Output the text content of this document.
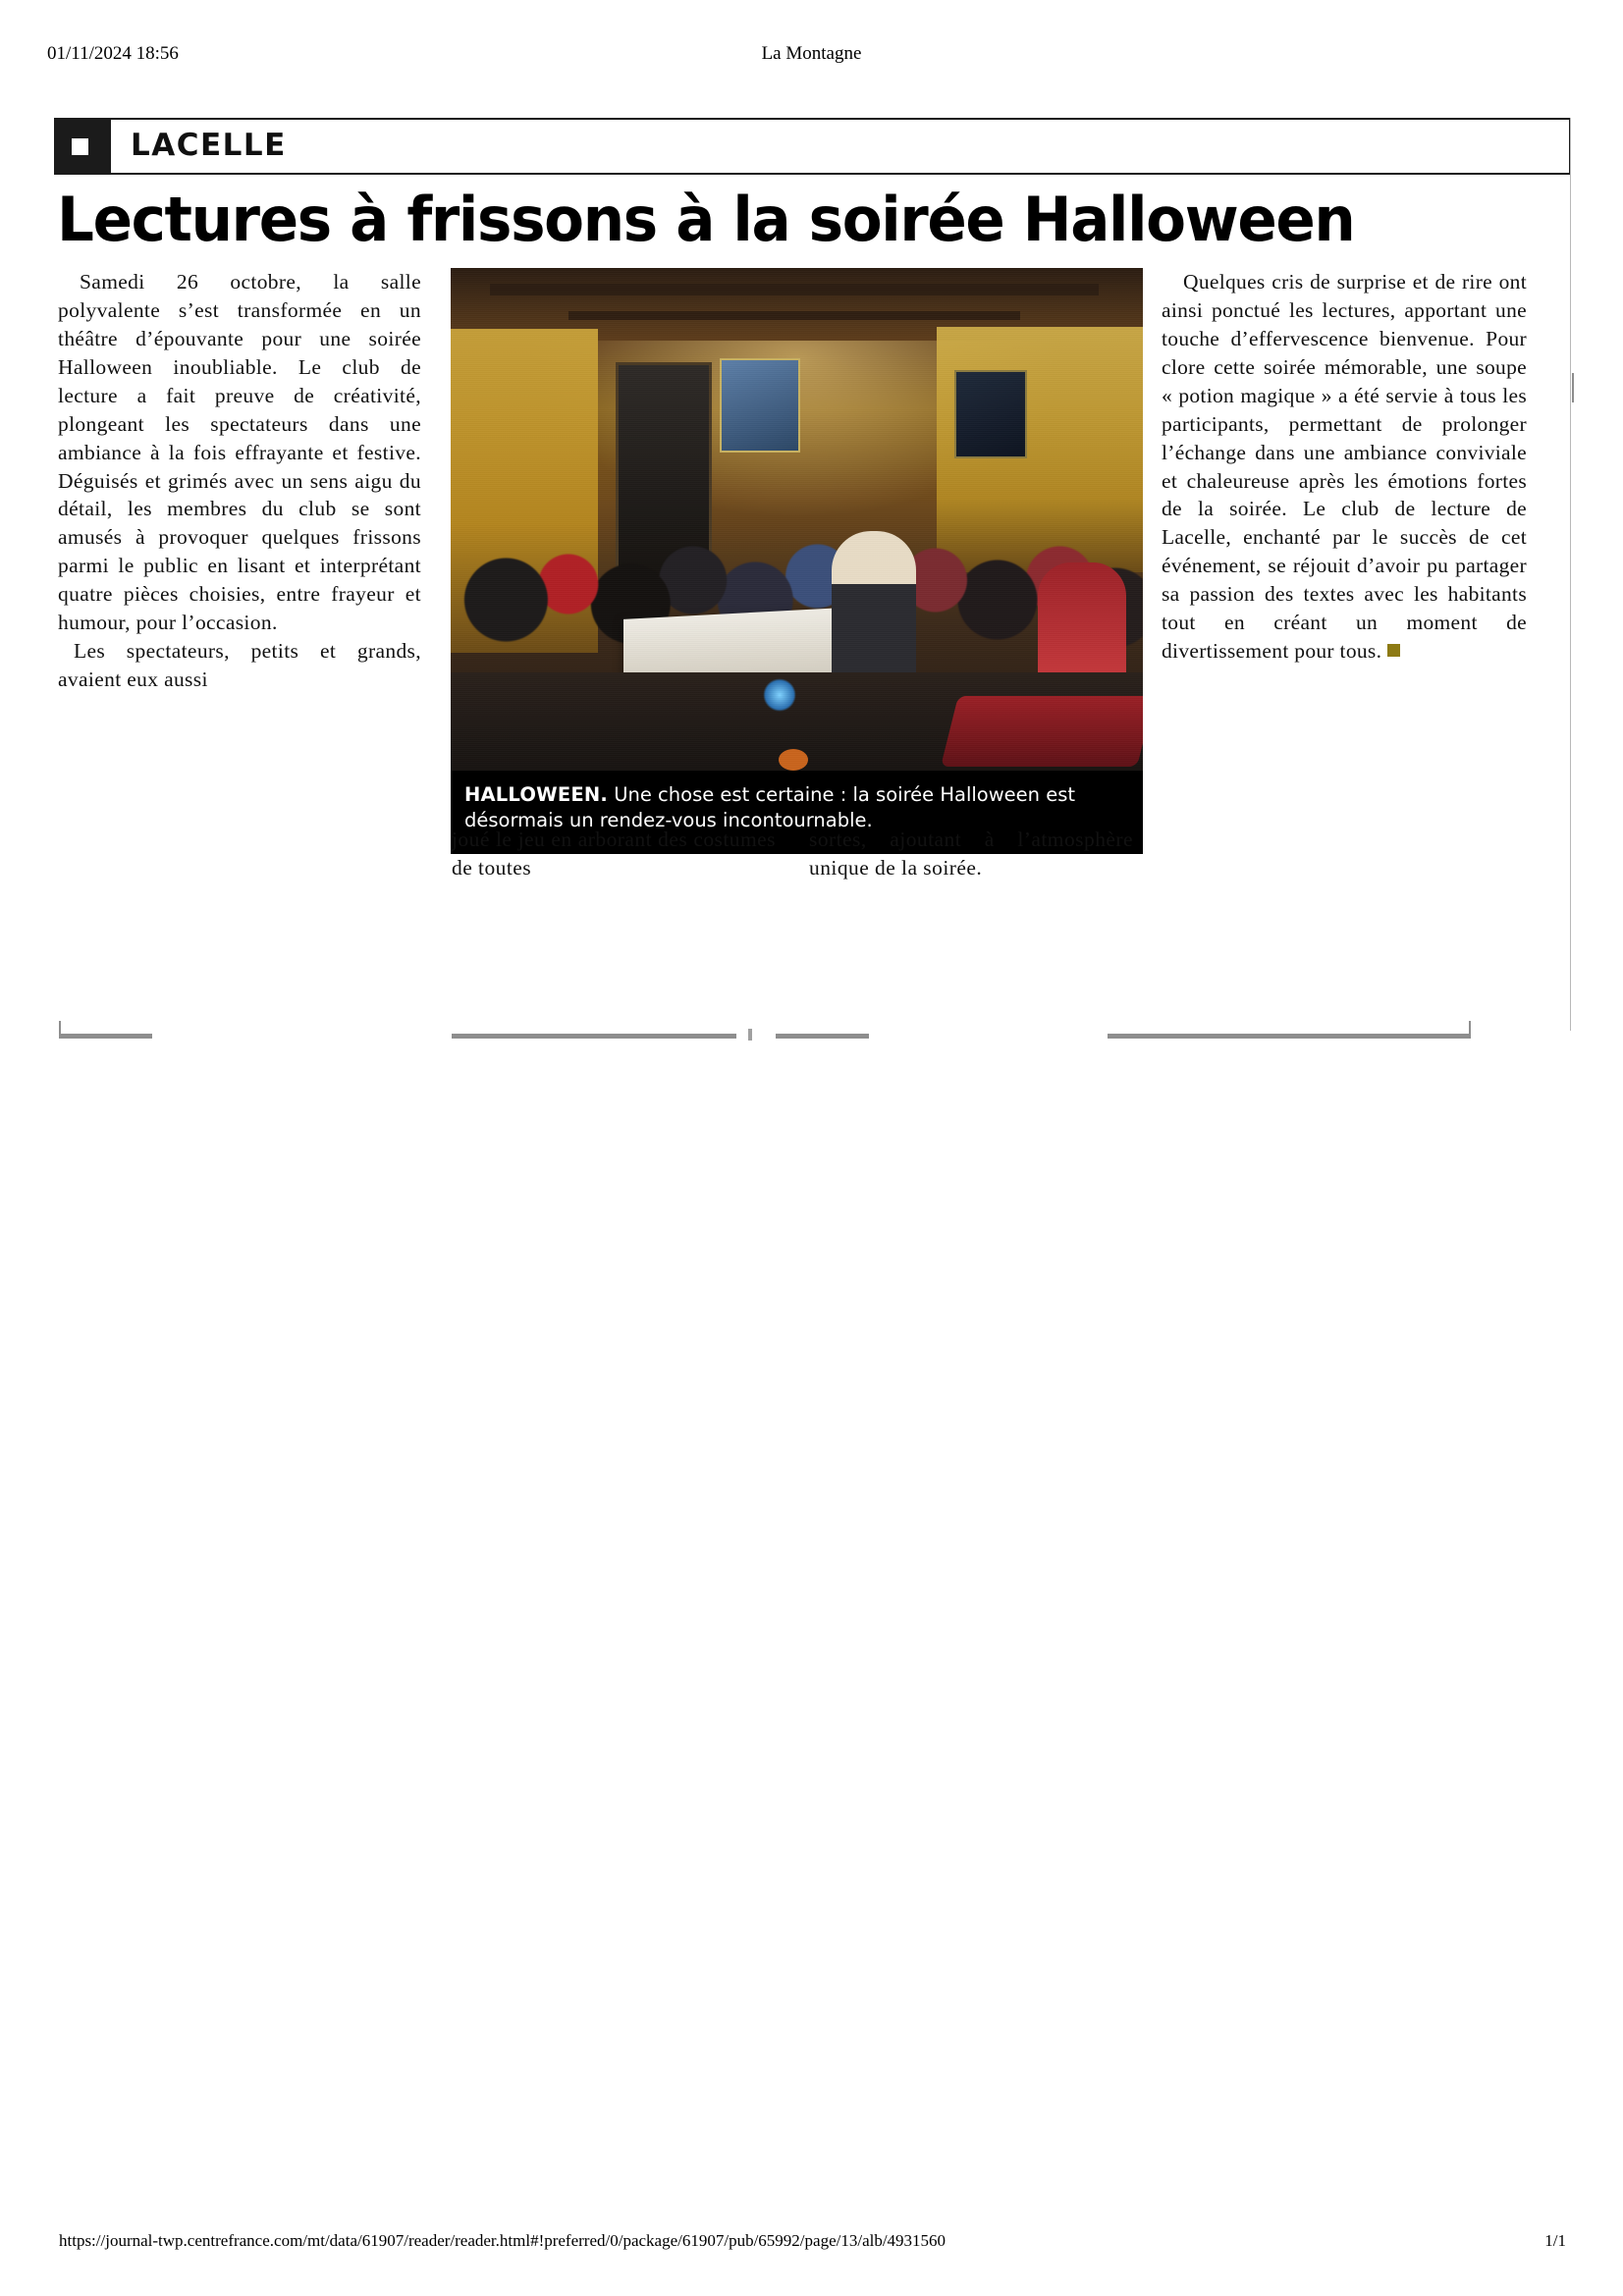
01/11/2024 18:56	La Montagne
LACELLE
Lectures à frissons à la soirée Halloween

Samedi 26 octobre, la salle polyvalente s’est transformée en un théâtre d’épouvante pour une soirée Halloween inoubliable. Le club de lecture a fait preuve de créativité, plongeant les spectateurs dans une ambiance à la fois effrayante et festive. Déguisés et grimés avec un sens aigu du détail, les membres du club se sont amusés à provoquer quelques frissons parmi le public en lisant et interprétant quatre pièces choisies, entre frayeur et humour, pour l’occasion.

Les spectateurs, petits et grands, avaient eux aussi

HALLOWEEN. Une chose est certaine : la soirée Halloween est désormais un rendez-vous incontournable.
joué le jeu en arborant des costumes de toutes
sortes, ajoutant à l’atmosphère unique de la soirée.

Quelques cris de surprise et de rire ont ainsi ponctué les lectures, apportant une touche d’effervescence bienvenue. Pour clore cette soirée mémorable, une soupe « potion magique » a été servie à tous les participants, permettant de prolonger l’échange dans une ambiance conviviale et chaleureuse après les émotions fortes de la soirée. Le club de lecture de Lacelle, enchanté par le succès de cet événement, se réjouit d’avoir pu partager sa passion des textes avec les habitants tout en créant un moment de divertissement pour tous.

https://journal-twp.centrefrance.com/mt/data/61907/reader/reader.html#!preferred/0/package/61907/pub/65992/page/13/alb/4931560	1/1
